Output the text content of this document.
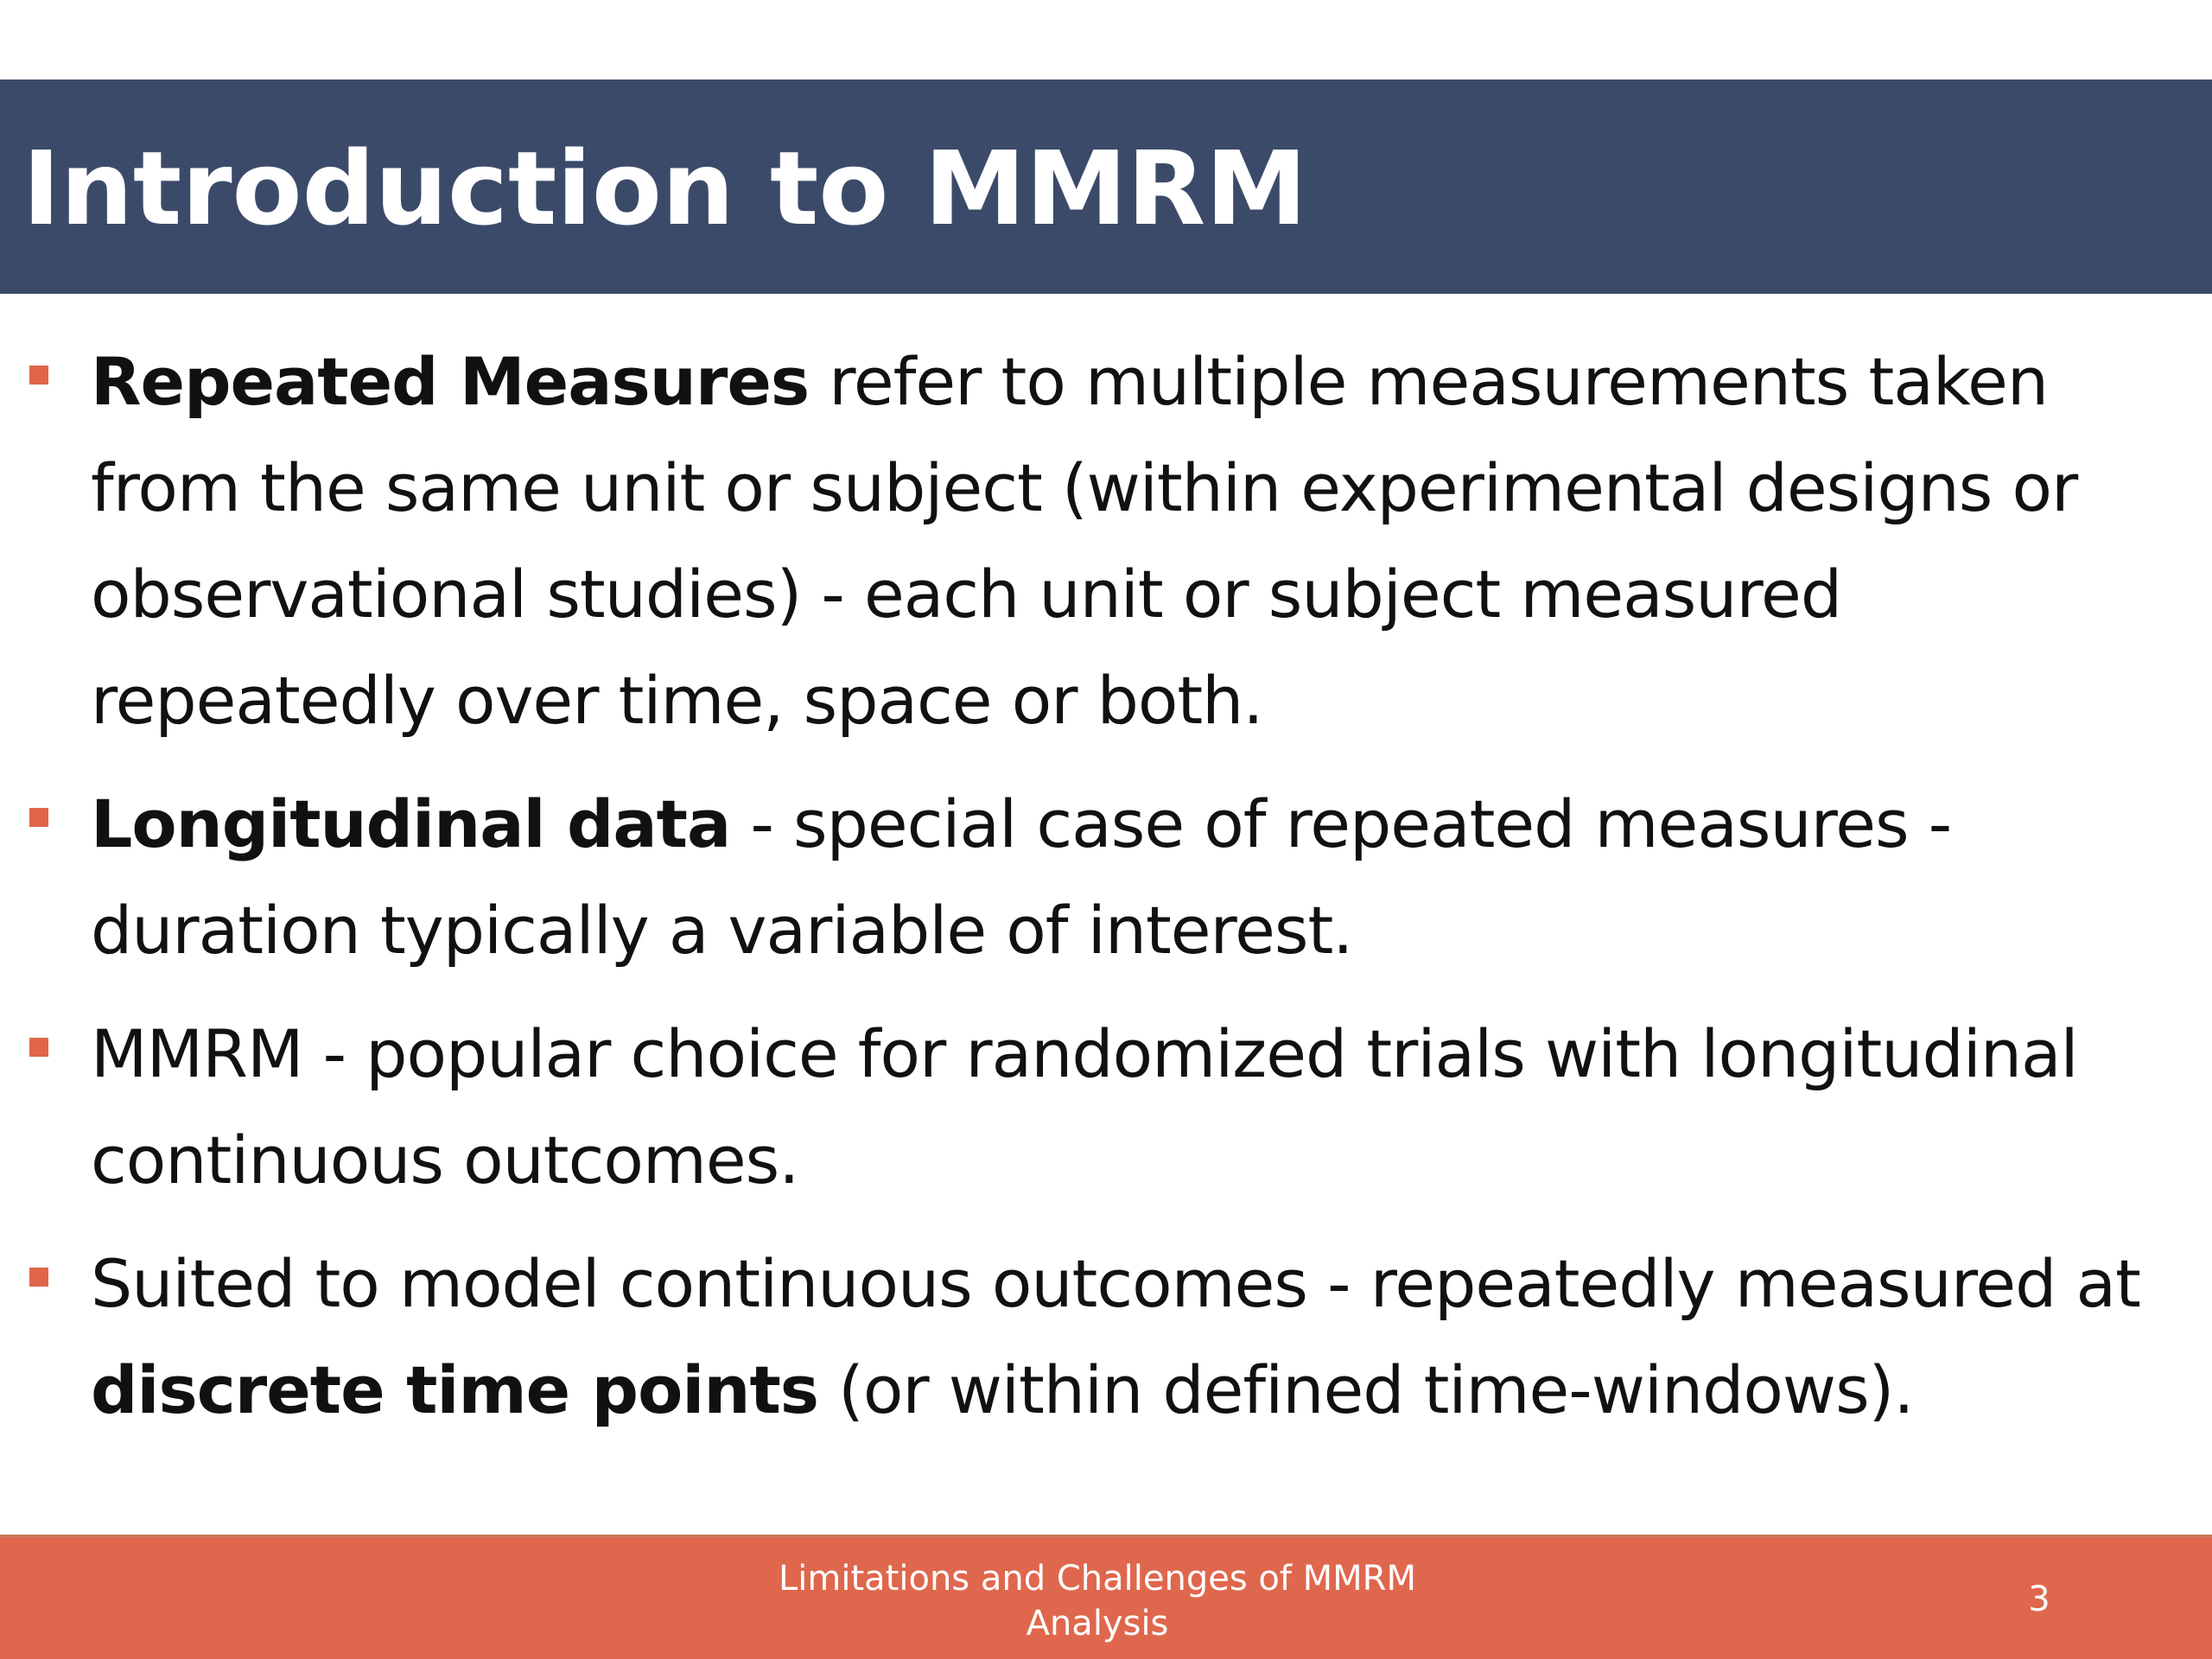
Introduction to MMRM
Repeated Measures refer to multiple measurements taken from the same unit or subject (within experimental designs or observational studies) - each unit or subject measured repeatedly over time, space or both.
Longitudinal data - special case of repeated measures - duration typically a variable of interest.
MMRM - popular choice for randomized trials with longitudinal continuous outcomes.
Suited to model continuous outcomes - repeatedly measured at discrete time points (or within defined time-windows).
Limitations and Challenges of MMRM
Analysis
3
